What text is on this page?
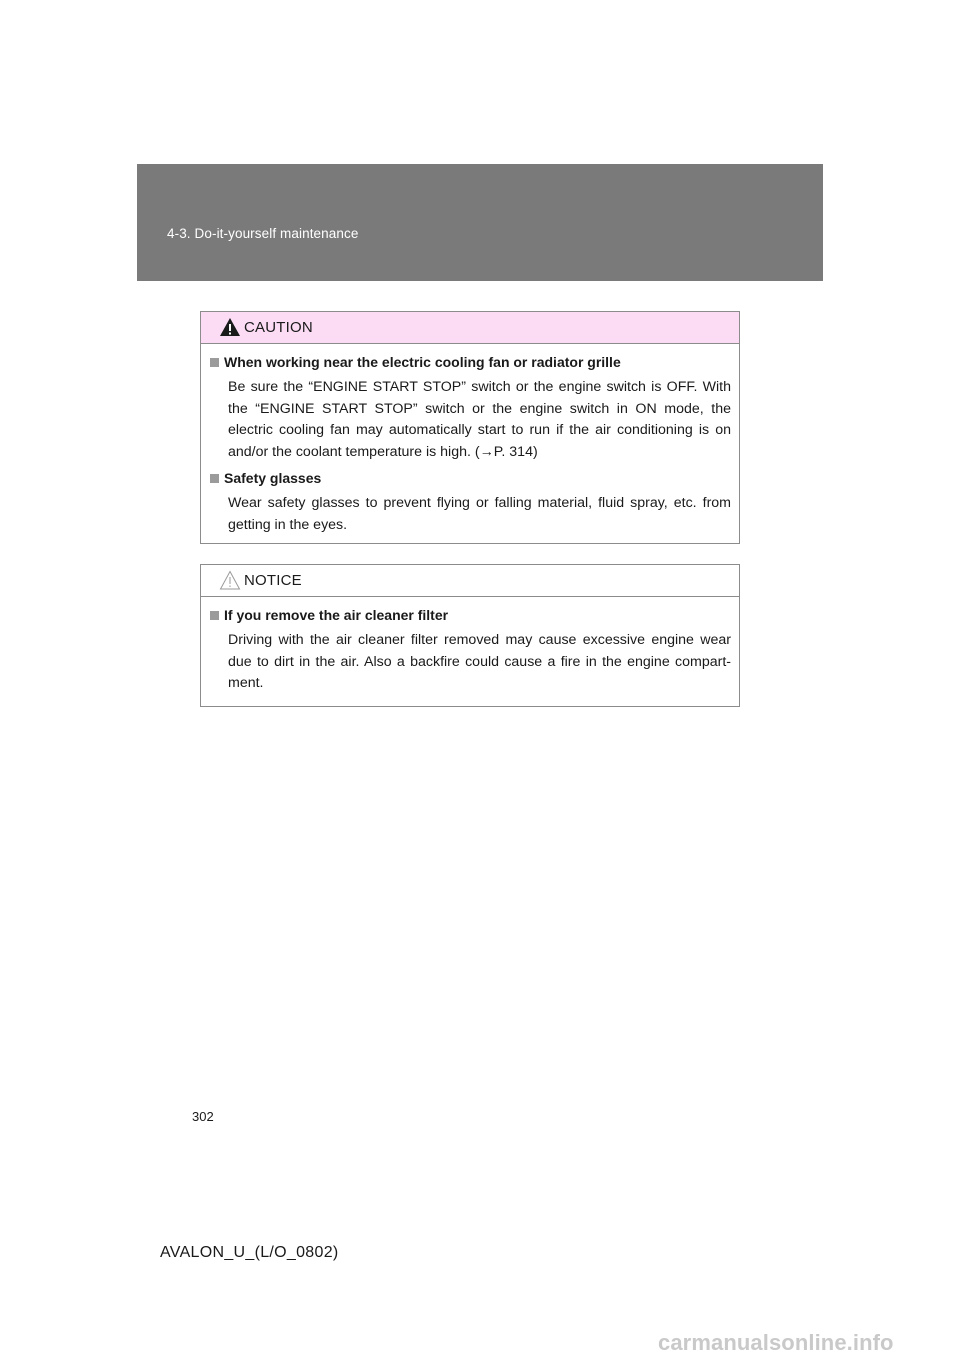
4-3. Do-it-yourself maintenance
CAUTION
When working near the electric cooling fan or radiator grille
Be sure the “ENGINE START STOP” switch or the engine switch is OFF. With the “ENGINE START STOP” switch or the engine switch in ON mode, the electric cooling fan may automatically start to run if the air conditioning is on and/or the coolant temperature is high. (→P. 314)
Safety glasses
Wear safety glasses to prevent flying or falling material, fluid spray, etc. from getting in the eyes.
NOTICE
If you remove the air cleaner filter
Driving with the air cleaner filter removed may cause excessive engine wear due to dirt in the air. Also a backfire could cause a fire in the engine compart-ment.
302
AVALON_U_(L/O_0802)
carmanualsonline.info
